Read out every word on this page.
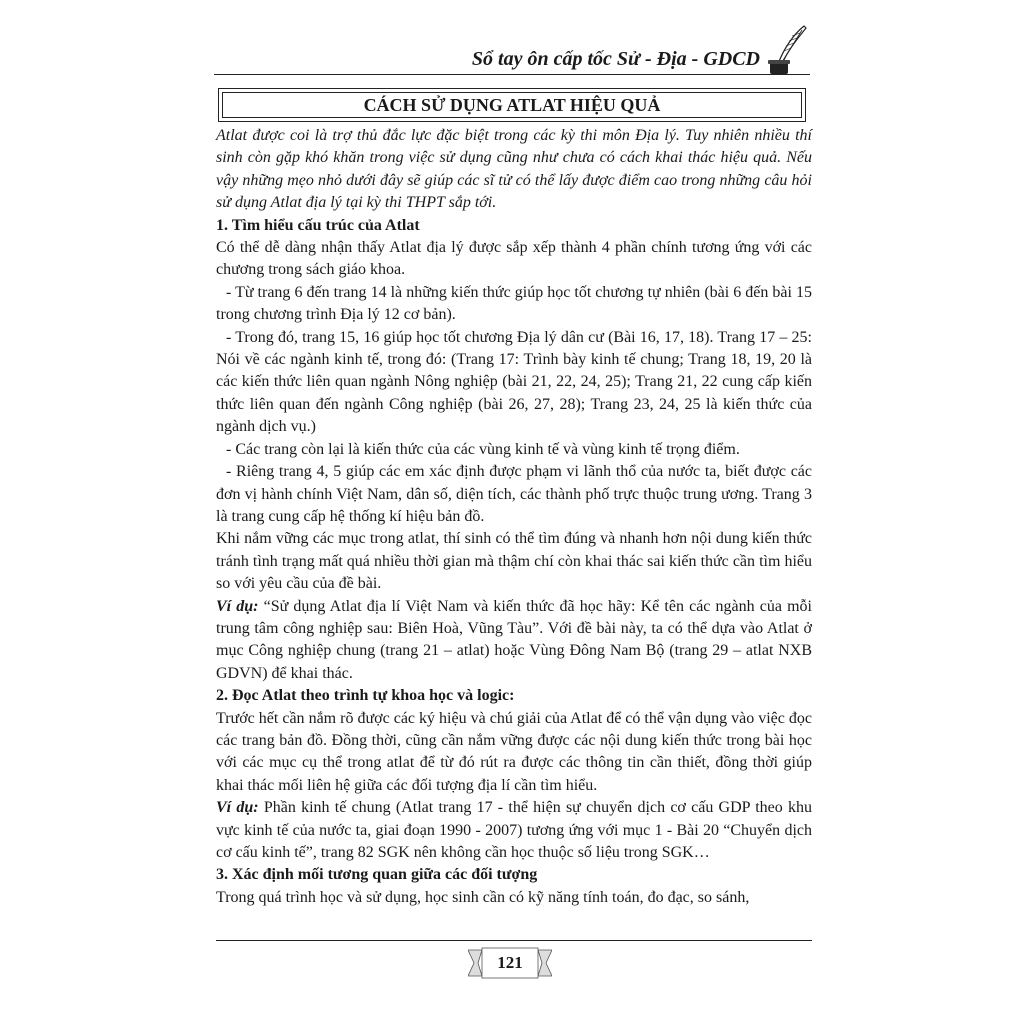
Sổ tay ôn cấp tốc Sử - Địa - GDCD
CÁCH SỬ DỤNG ATLAT HIỆU QUẢ

Atlat được coi là trợ thủ đắc lực đặc biệt trong các kỳ thi môn Địa lý. Tuy nhiên nhiều thí sinh còn gặp khó khăn trong việc sử dụng cũng như chưa có cách khai thác hiệu quả. Nếu vậy những mẹo nhỏ dưới đây sẽ giúp các sĩ tử có thể lấy được điểm cao trong những câu hỏi sử dụng Atlat địa lý tại kỳ thi THPT sắp tới.

1. Tìm hiểu cấu trúc của Atlat

Có thể dễ dàng nhận thấy Atlat địa lý được sắp xếp thành 4 phần chính tương ứng với các chương trong sách giáo khoa.

- Từ trang 6 đến trang 14 là những kiến thức giúp học tốt chương tự nhiên (bài 6 đến bài 15 trong chương trình Địa lý 12 cơ bản).

- Trong đó, trang 15, 16 giúp học tốt chương Địa lý dân cư (Bài 16, 17, 18). Trang 17 – 25: Nói về các ngành kinh tế, trong đó: (Trang 17: Trình bày kinh tế chung; Trang 18, 19, 20 là các kiến thức liên quan ngành Nông nghiệp (bài 21, 22, 24, 25); Trang 21, 22 cung cấp kiến thức liên quan đến ngành Công nghiệp (bài 26, 27, 28); Trang 23, 24, 25 là kiến thức của ngành dịch vụ.)

- Các trang còn lại là kiến thức của các vùng kinh tế và vùng kinh tế trọng điểm.

- Riêng trang 4, 5 giúp các em xác định được phạm vi lãnh thổ của nước ta, biết được các đơn vị hành chính Việt Nam, dân số, diện tích, các thành phố trực thuộc trung ương. Trang 3 là trang cung cấp hệ thống kí hiệu bản đồ.

Khi nắm vững các mục trong atlat, thí sinh có thể tìm đúng và nhanh hơn nội dung kiến thức tránh tình trạng mất quá nhiều thời gian mà thậm chí còn khai thác sai kiến thức cần tìm hiểu so với yêu cầu của đề bài.

Ví dụ: “Sử dụng Atlat địa lí Việt Nam và kiến thức đã học hãy: Kể tên các ngành của mỗi trung tâm công nghiệp sau: Biên Hoà, Vũng Tàu”. Với đề bài này, ta có thể dựa vào Atlat ở mục Công nghiệp chung (trang 21 – atlat) hoặc Vùng Đông Nam Bộ (trang 29 – atlat NXB GDVN) để khai thác.

2. Đọc Atlat theo trình tự khoa học và logic:

Trước hết cần nắm rõ được các ký hiệu và chú giải của Atlat để có thể vận dụng vào việc đọc các trang bản đồ. Đồng thời, cũng cần nắm vững được các nội dung kiến thức trong bài học với các mục cụ thể trong atlat để từ đó rút ra được các thông tin cần thiết, đồng thời giúp khai thác mối liên hệ giữa các đối tượng địa lí cần tìm hiểu.

Ví dụ: Phần kinh tế chung (Atlat trang 17 - thể hiện sự chuyển dịch cơ cấu GDP theo khu vực kinh tế của nước ta, giai đoạn 1990 - 2007) tương ứng với mục 1 - Bài 20 “Chuyển dịch cơ cấu kinh tế”, trang 82 SGK nên không cần học thuộc số liệu trong SGK…

3. Xác định mối tương quan giữa các đối tượng

Trong quá trình học và sử dụng, học sinh cần có kỹ năng tính toán, đo đạc, so sánh,

121
